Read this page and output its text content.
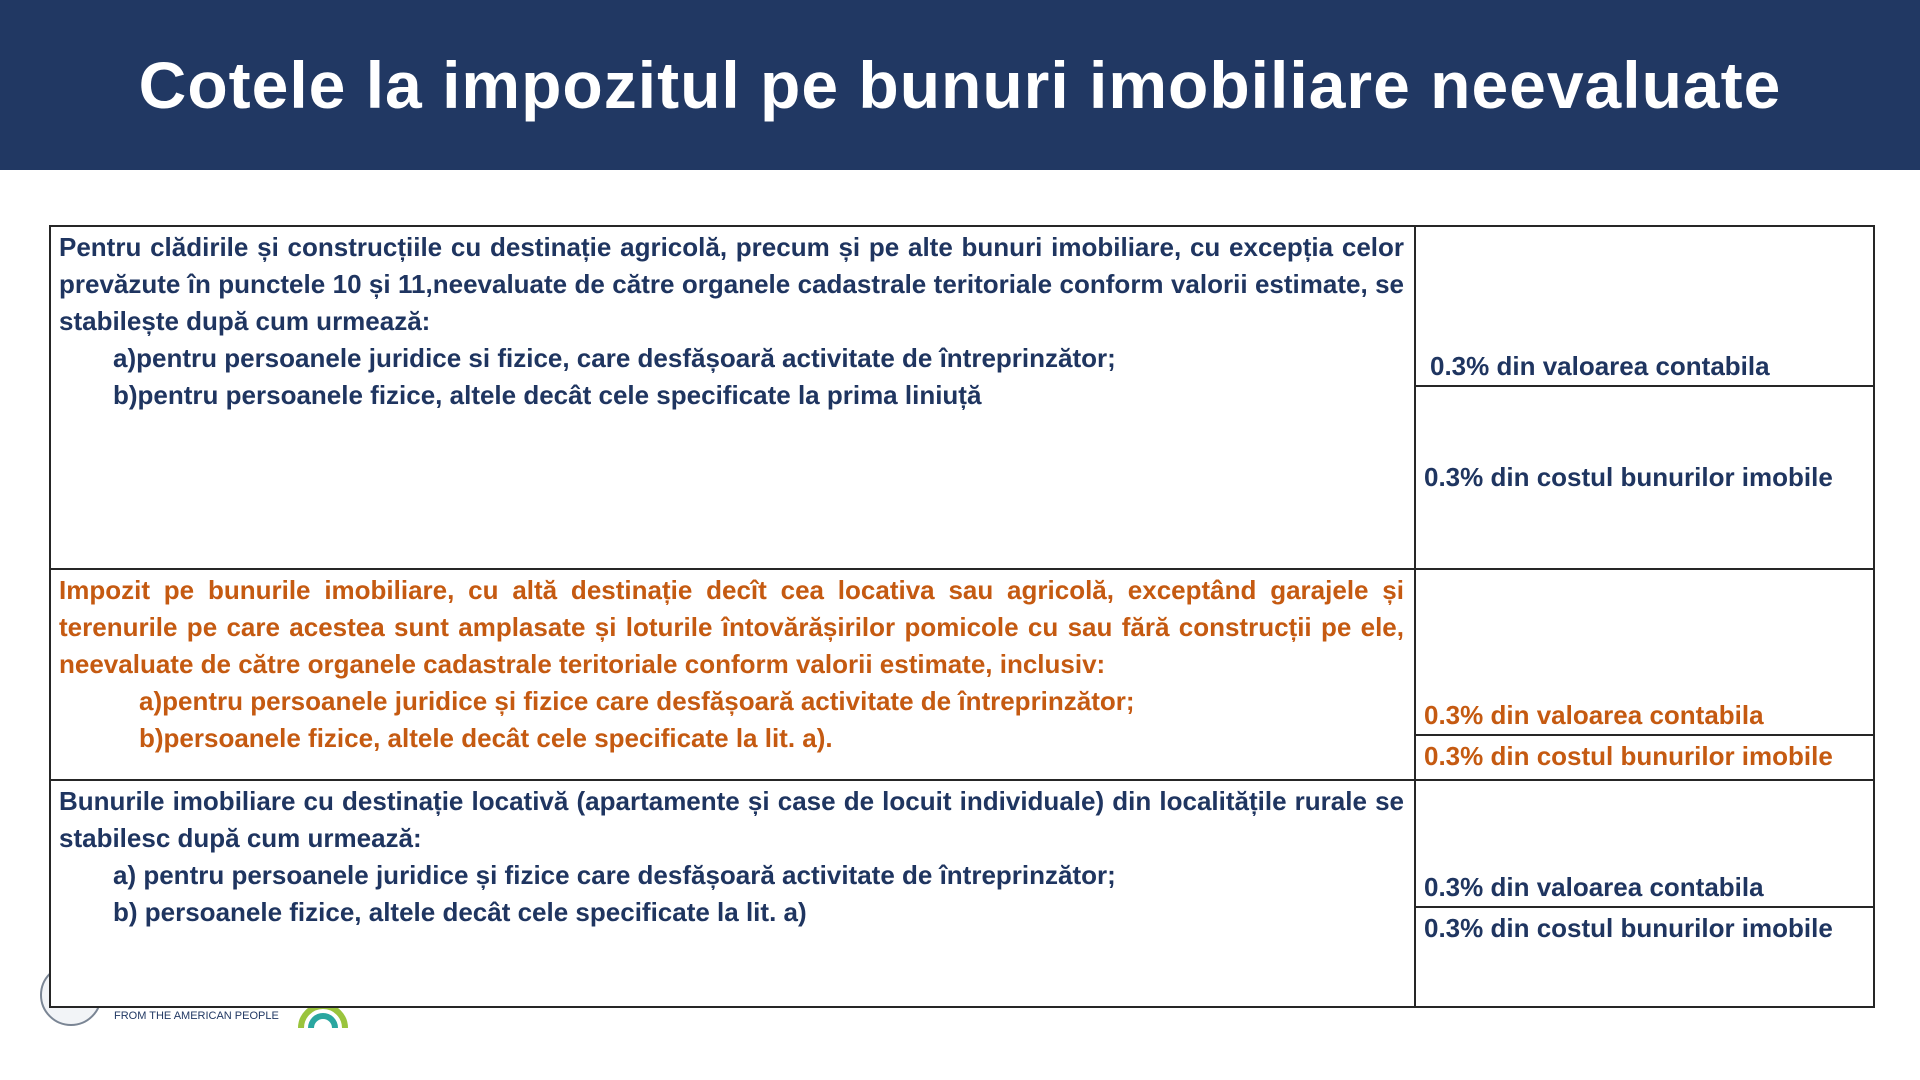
Cotele la impozitul pe bunuri imobiliare neevaluate
FROM THE AMERICAN PEOPLE

Pentru clădirile și construcțiile cu destinație agricolă, precum și pe alte bunuri imobiliare, cu excepția celor prevăzute în punctele 10 și 11,neevaluate de către organele cadastrale teritoriale conform valorii estimate, se stabilește după cum urmează:

a)pentru persoanele juridice si fizice, care desfășoară activitate de întreprinzător;

b)pentru persoanele fizice, altele decât cele specificate la prima liniuță	0.3% din valoarea contabila
	0.3% din costul bunurilor imobile

Impozit pe bunurile imobiliare, cu altă destinație decît cea locativa sau agricolă, exceptând garajele și terenurile pe care acestea sunt amplasate și loturile întovărășirilor pomicole cu sau fără construcții pe ele, neevaluate de către organele cadastrale teritoriale conform valorii estimate, inclusiv:

a)pentru persoanele juridice și fizice care desfășoară activitate de întreprinzător;

b)persoanele fizice, altele decât cele specificate la lit. a).	0.3% din valoarea contabila
	0.3% din costul bunurilor imobile

Bunurile imobiliare cu destinație locativă (apartamente și case de locuit individuale) din localitățile rurale se stabilesc după cum urmează:

a) pentru persoanele juridice și fizice care desfășoară activitate de întreprinzător;

b) persoanele fizice, altele decât cele specificate la lit. a)	0.3% din valoarea contabila
	0.3% din costul bunurilor imobile
